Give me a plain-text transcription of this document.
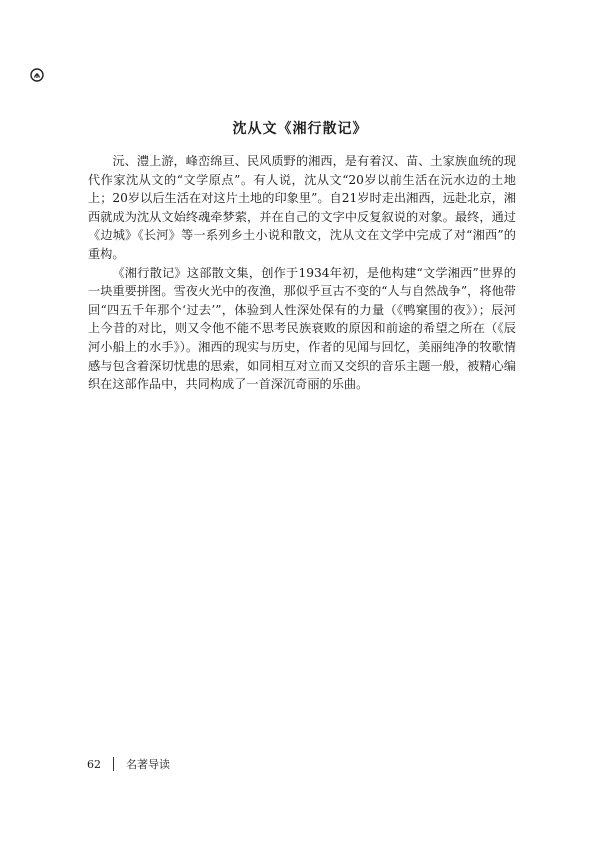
沈从文《湘行散记》

沅、澧上游，峰峦绵亘、民风质野的湘西，是有着汉、苗、土家族血统的现代作家沈从文的“文学原点”。有人说，沈从文“20岁以前生活在沅水边的土地上；20岁以后生活在对这片土地的印象里”。自21岁时走出湘西，远赴北京，湘西就成为沈从文始终魂牵梦萦，并在自己的文字中反复叙说的对象。最终，通过《边城》《长河》等一系列乡土小说和散文，沈从文在文学中完成了对“湘西”的重构。

《湘行散记》这部散文集，创作于1934年初，是他构建“文学湘西”世界的一块重要拼图。雪夜火光中的夜渔，那似乎亘古不变的“人与自然战争”，将他带回“四五千年那个‘过去’”，体验到人性深处保有的力量（《鸭窠围的夜》）；辰河上今昔的对比，则又令他不能不思考民族衰败的原因和前途的希望之所在（《辰河小船上的水手》）。湘西的现实与历史，作者的见闻与回忆，美丽纯净的牧歌情感与包含着深切忧患的思索，如同相互对立而又交织的音乐主题一般，被精心编织在这部作品中，共同构成了一首深沉奇丽的乐曲。

62 名著导读
